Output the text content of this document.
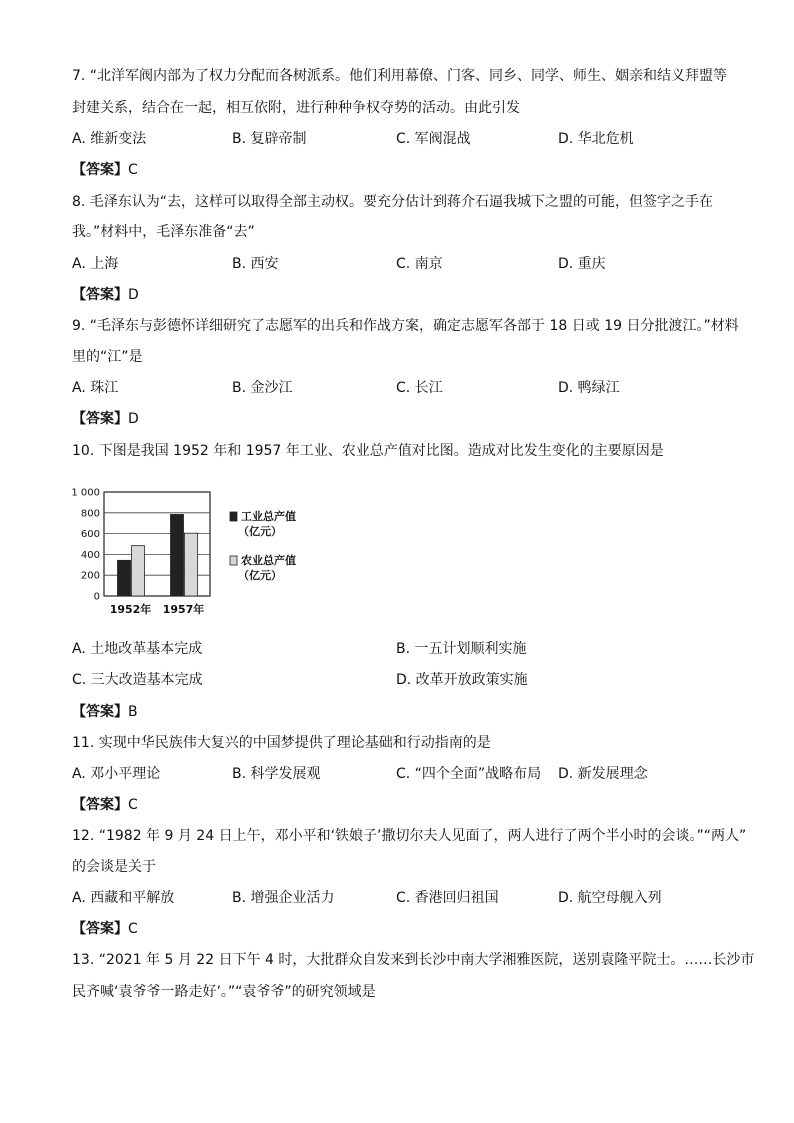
7. “北洋军阀内部为了权力分配而各树派系。他们利用幕僚、门客、同乡、同学、师生、姻亲和结义拜盟等
封建关系，结合在一起，相互依附，进行种种争权夺势的活动。由此引发
A. 维新变法	B. 复辟帝制	C. 军阀混战	D. 华北危机
【答案】C
8. 毛泽东认为“去，这样可以取得全部主动权。要充分估计到蒋介石逼我城下之盟的可能，但签字之手在
我。”材料中，毛泽东准备“去”
A. 上海	B. 西安	C. 南京	D. 重庆
【答案】D
9. “毛泽东与彭德怀详细研究了志愿军的出兵和作战方案，确定志愿军各部于 18 日或 19 日分批渡江。”材料
里的“江”是
A. 珠江	B. 金沙江	C. 长江	D. 鸭绿江
【答案】D
10. 下图是我国 1952 年和 1957 年工业、农业总产值对比图。造成对比发生变化的主要原因是
0
200
400
600
800
1 000
1952年 1957年
工业总产值
（亿元）
农业总产值
（亿元）
A. 土地改革基本完成	B. 一五计划顺利实施
C. 三大改造基本完成	D. 改革开放政策实施
【答案】B
11. 实现中华民族伟大复兴的中国梦提供了理论基础和行动指南的是
A. 邓小平理论	B. 科学发展观	C. “四个全面”战略布局 D. 新发展理念
【答案】C
12. “1982 年 9 月 24 日上午，邓小平和‘铁娘子’撒切尔夫人见面了，两人进行了两个半小时的会谈。”“两人”
的会谈是关于
A. 西藏和平解放	B. 增强企业活力	C. 香港回归祖国	D. 航空母舰入列
【答案】C
13. “2021 年 5 月 22 日下午 4 时，大批群众自发来到长沙中南大学湘雅医院，送别袁隆平院士。……长沙市
民齐喊‘袁爷爷一路走好’。”“袁爷爷”的研究领域是
